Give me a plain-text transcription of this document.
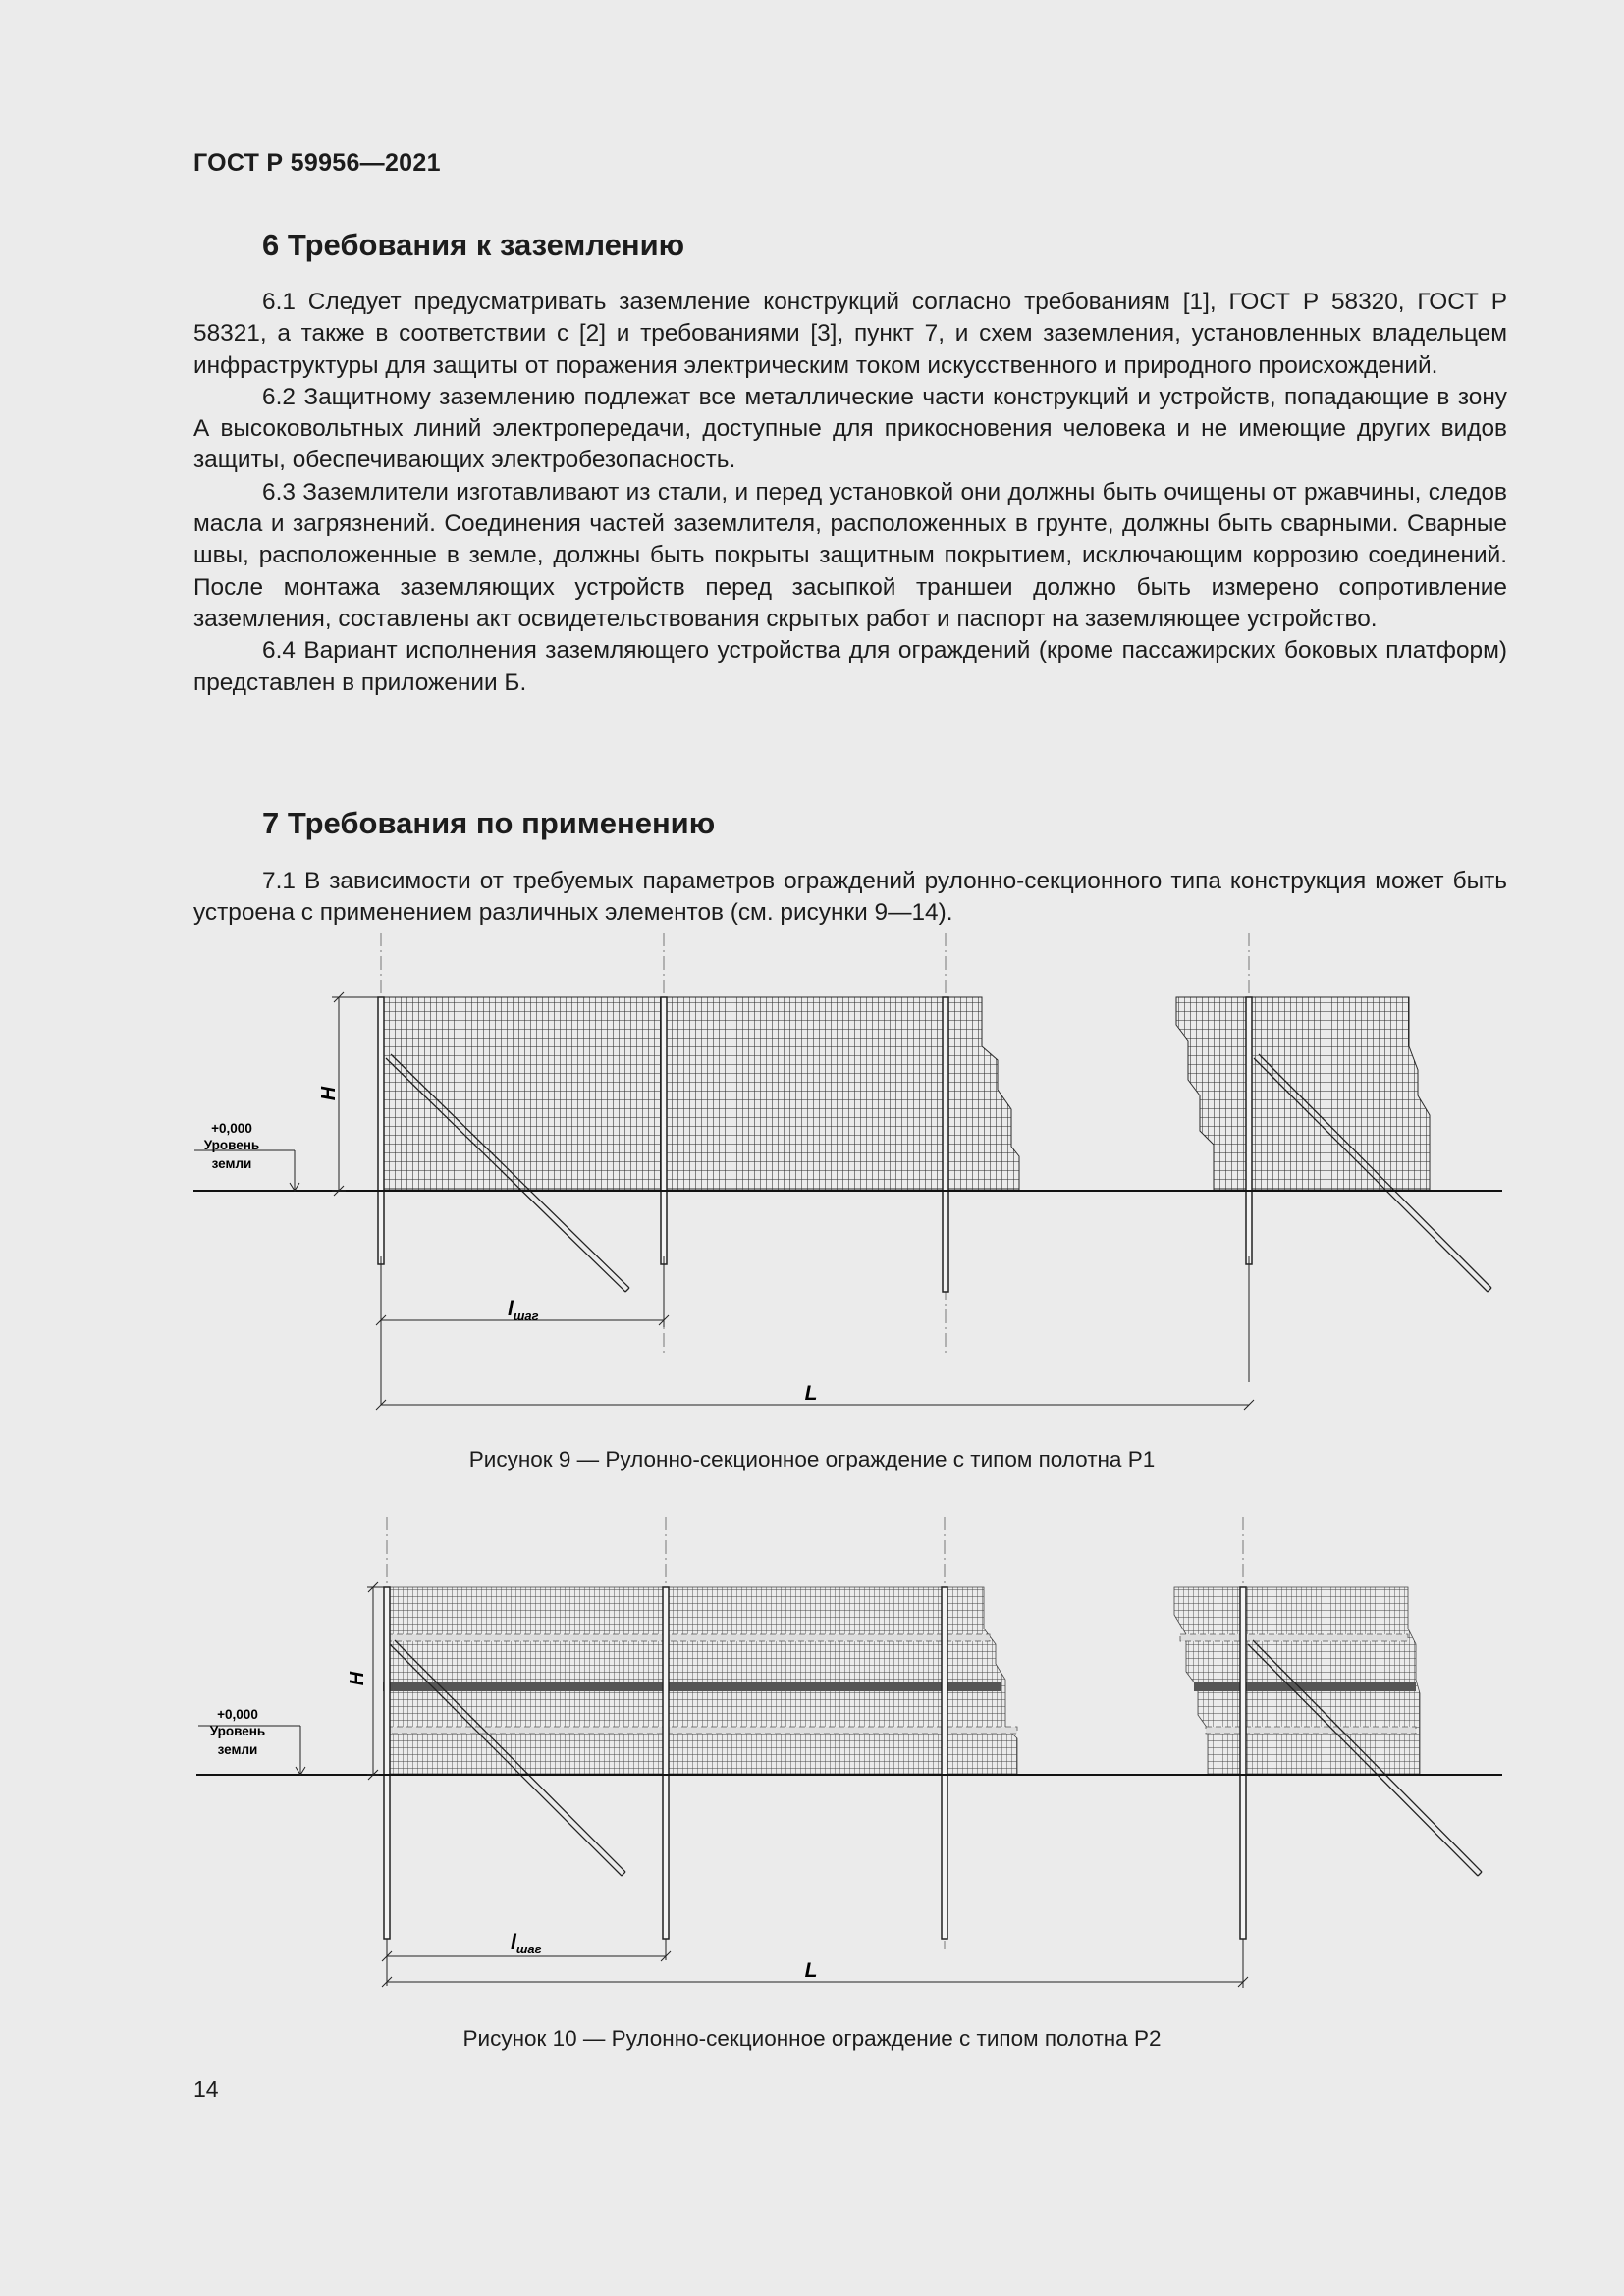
ГОСТ Р 59956—2021
6 Требования к заземлению

6.1 Следует предусматривать заземление конструкций согласно требованиям [1], ГОСТ Р 58320, ГОСТ Р 58321, а также в соответствии с [2] и требованиями [3], пункт 7, и схем заземления, установленных владельцем инфраструктуры для защиты от поражения электрическим током искусственного и природного происхождений.

6.2 Защитному заземлению подлежат все металлические части конструкций и устройств, попадающие в зону А высоковольтных линий электропередачи, доступные для прикосновения человека и не имеющие других видов защиты, обеспечивающих электробезопасность.

6.3 Заземлители изготавливают из стали, и перед установкой они должны быть очищены от ржавчины, следов масла и загрязнений. Соединения частей заземлителя, расположенных в грунте, должны быть сварными. Сварные швы, расположенные в земле, должны быть покрыты защитным покрытием, исключающим коррозию соединений. После монтажа заземляющих устройств перед засыпкой траншеи должно быть измерено сопротивление заземления, составлены акт освидетельствования скрытых работ и паспорт на заземляющее устройство.

6.4 Вариант исполнения заземляющего устройства для ограждений (кроме пассажирских боковых платформ) представлен в приложении Б.

7 Требования по применению

7.1 В зависимости от требуемых параметров ограждений рулонно-секционного типа конструкция может быть устроена с применением различных элементов (см. рисунки 9—14).

H
+0,000
Уровень
земли
$l_{шаг}$
L
Рисунок 9 — Рулонно-секционное ограждение с типом полотна Р1
H
+0,000
Уровень
земли
$l_{шаг}$
L
Рисунок 10 — Рулонно-секционное ограждение с типом полотна Р2
14
